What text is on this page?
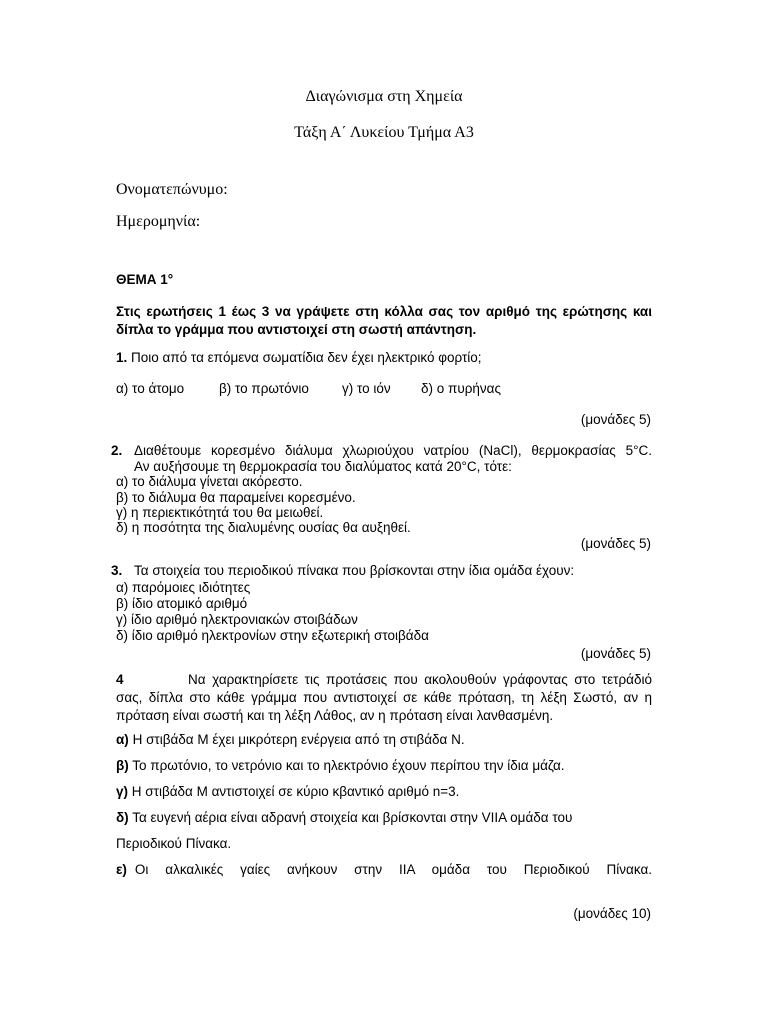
Διαγώνισμα στη Χημεία
Τάξη Α΄ Λυκείου Τμήμα Α3
Ονοματεπώνυμο:
Ημερομηνία:
ΘΕΜΑ 1°
Στις ερωτήσεις 1 έως 3 να γράψετε στη κόλλα σας τον αριθμό της ερώτησης και
δίπλα το γράμμα που αντιστοιχεί στη σωστή απάντηση.
1. Ποιο από τα επόμενα σωματίδια δεν έχει ηλεκτρικό φορτίο;
α) το άτομο	β) το πρωτόνιο γ) το ιόν δ) ο πυρήνας
(μονάδες 5)
2. Διαθέτουμε κορεσμένο διάλυμα χλωριούχου νατρίου (NaCl), θερμοκρασίας 5°C.
Αν αυξήσουμε τη θερμοκρασία του διαλύματος κατά 20°C, τότε:
α) το διάλυμα γίνεται ακόρεστο.
β) το διάλυμα θα παραμείνει κορεσμένο.
γ) η περιεκτικότητά του θα μειωθεί.
δ) η ποσότητα της διαλυμένης ουσίας θα αυξηθεί.
(μονάδες 5)
3. Τα στοιχεία του περιοδικού πίνακα που βρίσκονται στην ίδια ομάδα έχουν:
α) παρόμοιες ιδιότητες
β) ίδιο ατομικό αριθμό
γ) ίδιο αριθμό ηλεκτρονιακών στοιβάδων
δ) ίδιο αριθμό ηλεκτρονίων στην εξωτερική στοιβάδα
(μονάδες 5)
4	Να χαρακτηρίσετε τις προτάσεις που ακολουθούν γράφοντας στο τετράδιό
σας, δίπλα στο κάθε γράμμα που αντιστοιχεί σε κάθε πρόταση, τη λέξη Σωστό, αν η
πρόταση είναι σωστή και τη λέξη Λάθος, αν η πρόταση είναι λανθασμένη.
α) Η στιβάδα Μ έχει μικρότερη ενέργεια από τη στιβάδα Ν.
β) Το πρωτόνιο, το νετρόνιο και το ηλεκτρόνιο έχουν περίπου την ίδια μάζα.
γ) Η στιβάδα Μ αντιστοιχεί σε κύριο κβαντικό αριθμό n=3.
δ) Τα ευγενή αέρια είναι αδρανή στοιχεία και βρίσκονται στην VIIA ομάδα του
Περιοδικού Πίνακα.
ε) Οι αλκαλικές γαίες ανήκουν στην IIA ομάδα του Περιοδικού Πίνακα.
(μονάδες 10)
